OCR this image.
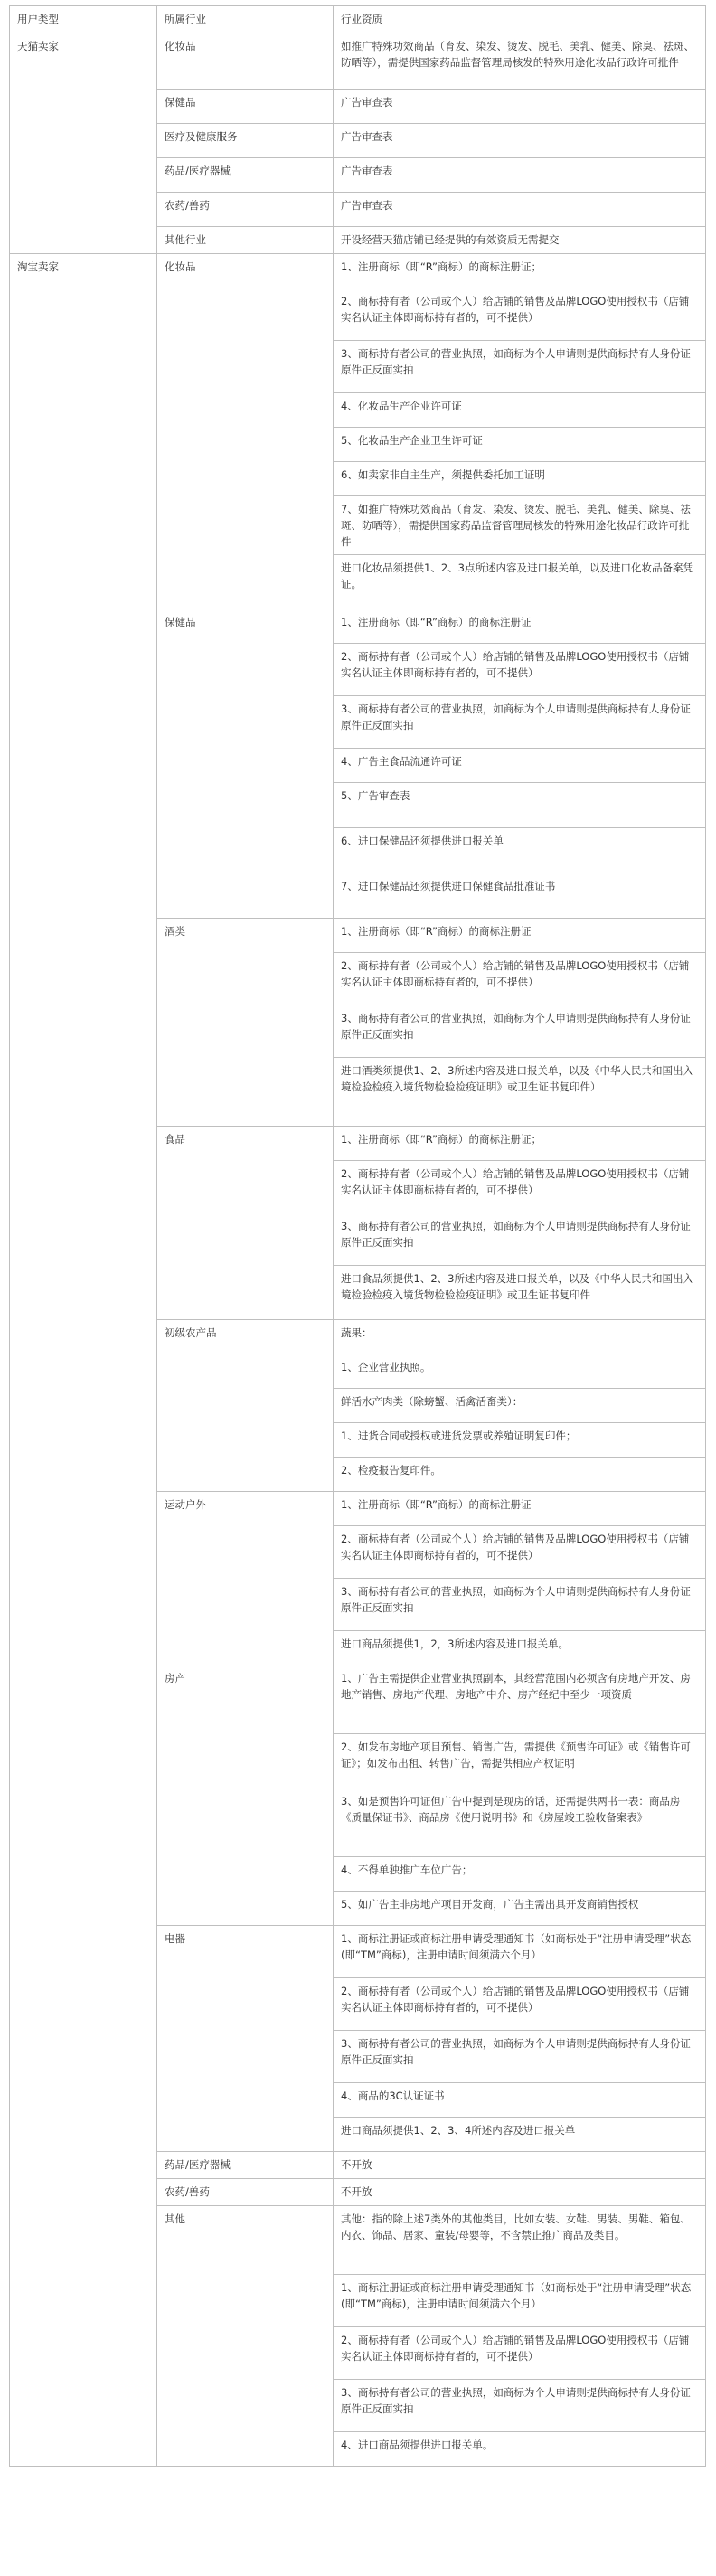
用户类型	所属行业	行业资质
天猫卖家	化妆品	如推广特殊功效商品（育发、染发、烫发、脱毛、美乳、健美、除臭、祛斑、防晒等），需提供国家药品监督管理局核发的特殊用途化妆品行政许可批件
	保健品	广告审查表
	医疗及健康服务	广告审查表
	药品/医疗器械	广告审查表
	农药/兽药	广告审查表
	其他行业	开设经营天猫店铺已经提供的有效资质无需提交
淘宝卖家	化妆品	1、注册商标（即“R”商标）的商标注册证；
		2、商标持有者（公司或个人）给店铺的销售及品牌LOGO使用授权书（店铺实名认证主体即商标持有者的，可不提供）
		3、商标持有者公司的营业执照，如商标为个人申请则提供商标持有人身份证原件正反面实拍
		4、化妆品生产企业许可证
		5、化妆品生产企业卫生许可证
		6、如卖家非自主生产，须提供委托加工证明
		7、如推广特殊功效商品（育发、染发、烫发、脱毛、美乳、健美、除臭、祛斑、防晒等），需提供国家药品监督管理局核发的特殊用途化妆品行政许可批件
		进口化妆品须提供1、2、3点所述内容及进口报关单，以及进口化妆品备案凭证。
	保健品	1、注册商标（即“R”商标）的商标注册证
		2、商标持有者（公司或个人）给店铺的销售及品牌LOGO使用授权书（店铺实名认证主体即商标持有者的，可不提供）
		3、商标持有者公司的营业执照，如商标为个人申请则提供商标持有人身份证原件正反面实拍
		4、广告主食品流通许可证
		5、广告审查表
		6、进口保健品还须提供进口报关单
		7、进口保健品还须提供进口保健食品批准证书
	酒类	1、注册商标（即“R”商标）的商标注册证
		2、商标持有者（公司或个人）给店铺的销售及品牌LOGO使用授权书（店铺实名认证主体即商标持有者的，可不提供）
		3、商标持有者公司的营业执照，如商标为个人申请则提供商标持有人身份证原件正反面实拍
		进口酒类须提供1、2、3所述内容及进口报关单，以及《中华人民共和国出入境检验检疫入境货物检验检疫证明》或卫生证书复印件）
	食品	1、注册商标（即“R”商标）的商标注册证；
		2、商标持有者（公司或个人）给店铺的销售及品牌LOGO使用授权书（店铺实名认证主体即商标持有者的，可不提供）
		3、商标持有者公司的营业执照，如商标为个人申请则提供商标持有人身份证原件正反面实拍
		进口食品须提供1、2、3所述内容及进口报关单，以及《中华人民共和国出入境检验检疫入境货物检验检疫证明》或卫生证书复印件
	初级农产品	蔬果：
		1、企业营业执照。
		鲜活水产肉类（除螃蟹、活禽活畜类）：
		1、进货合同或授权或进货发票或养殖证明复印件；
		2、检疫报告复印件。
	运动户外	1、注册商标（即“R”商标）的商标注册证
		2、商标持有者（公司或个人）给店铺的销售及品牌LOGO使用授权书（店铺实名认证主体即商标持有者的，可不提供）
		3、商标持有者公司的营业执照，如商标为个人申请则提供商标持有人身份证原件正反面实拍
		进口商品须提供1，2，3所述内容及进口报关单。
	房产	1、广告主需提供企业营业执照副本，其经营范围内必须含有房地产开发、房地产销售、房地产代理、房地产中介、房产经纪中至少一项资质
		2、如发布房地产项目预售、销售广告，需提供《预售许可证》或《销售许可证》；如发布出租、转售广告，需提供相应产权证明
		3、如是预售许可证但广告中提到是现房的话，还需提供两书一表：商品房《质量保证书》、商品房《使用说明书》和《房屋竣工验收备案表》
		4、不得单独推广车位广告；
		5、如广告主非房地产项目开发商，广告主需出具开发商销售授权
	电器	1、商标注册证或商标注册申请受理通知书（如商标处于“注册申请受理”状态(即“TM”商标)，注册申请时间须满六个月）
		2、商标持有者（公司或个人）给店铺的销售及品牌LOGO使用授权书（店铺实名认证主体即商标持有者的，可不提供）
		3、商标持有者公司的营业执照，如商标为个人申请则提供商标持有人身份证原件正反面实拍
		4、商品的3C认证证书
		进口商品须提供1、2、3、4所述内容及进口报关单
	药品/医疗器械	不开放
	农药/兽药	不开放
	其他	其他：指的除上述7类外的其他类目，比如女装、女鞋、男装、男鞋、箱包、内衣、饰品、居家、童装/母婴等，不含禁止推广商品及类目。
		1、商标注册证或商标注册申请受理通知书（如商标处于“注册申请受理”状态(即“TM”商标)，注册申请时间须满六个月）
		2、商标持有者（公司或个人）给店铺的销售及品牌LOGO使用授权书（店铺实名认证主体即商标持有者的，可不提供）
		3、商标持有者公司的营业执照，如商标为个人申请则提供商标持有人身份证原件正反面实拍
		4、进口商品须提供进口报关单。
